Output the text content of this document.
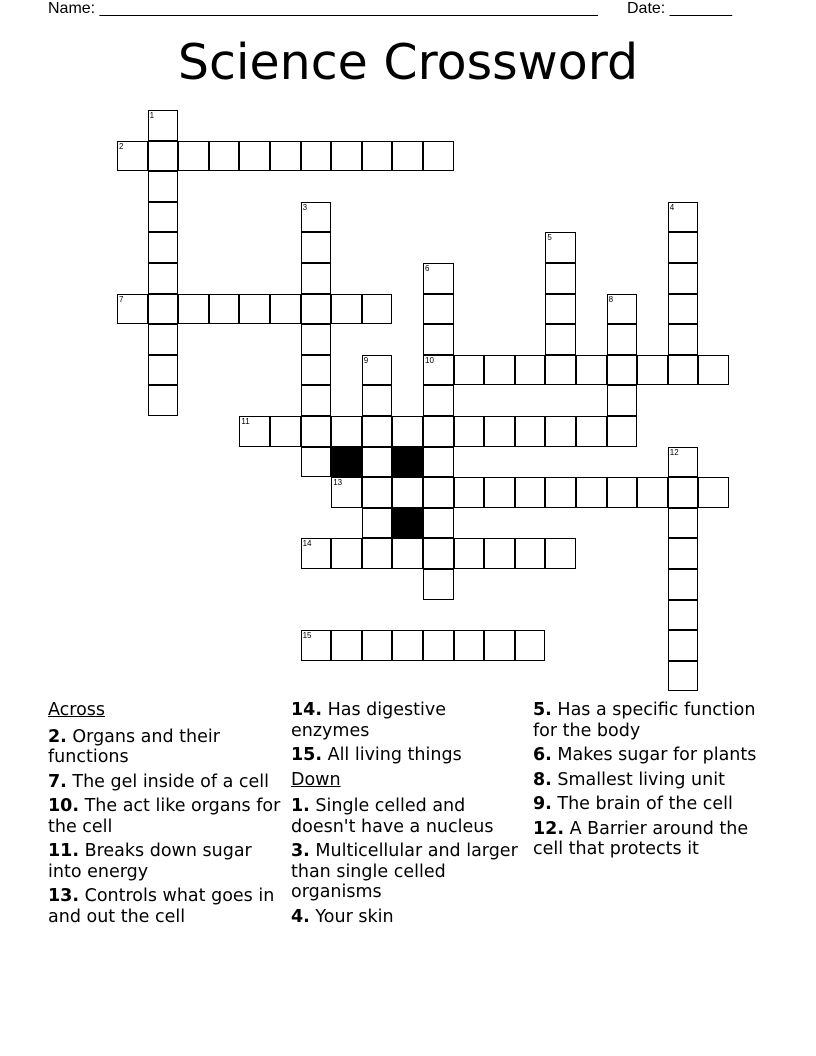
Name: ________________________________________________________ Date: _______
Science Crossword
2
7
10
11
13
14
15
1
3	4
5
6
8
9
12
Across
2. Organs and their functions
7. The gel inside of a cell
10. The act like organs for the cell
11. Breaks down sugar into energy
13. Controls what goes in and out the cell
14. Has digestive enzymes
15. All living things
Down
1. Single celled and doesn't have a nucleus
3. Multicellular and larger than single celled organisms
4. Your skin
5. Has a specific function for the body
6. Makes sugar for plants
8. Smallest living unit
9. The brain of the cell
12. A Barrier around the cell that protects it
